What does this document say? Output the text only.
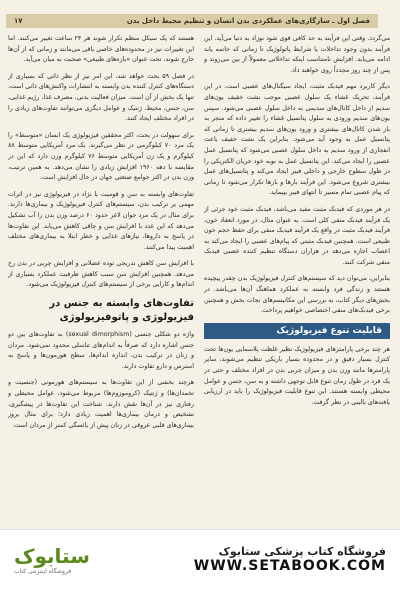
فصل اول ـ سازگاری‌های عملکردی بدن انسان و تنظیم محیط داخل بدن
۱۷

می‌گردد. وقتی این فرآیند به حد کافی قوی شود نوزاد به دنیا می‌آید. این فرآیند بدون وجود تداخلات یا شرایط پاتولوژیک تا زمانی که خاتمه یابد ادامه می‌یابد. افزایش نامتناسب اینکه تداخلاتی معمولاً از بین می‌روند و پس از چند روز مجدداً روی خواهند داد.

دیگر کاربرد مهم فیدبک مثبت، ایجاد سیگنال‌های عصبی است. در این فرآیند، تحریک غشاء یک سلول عصبی موجب نشت خفیف یون‌های سدیم از داخل کانال‌های سدیمی به داخل سلول عصبی می‌شود. سپس یون‌های سدیم ورودی به سلول پتانسیل غشاء را تغییر داده که منجر به باز شدن کانال‌های بیشتری و ورود یون‌های سدیم بیشتری تا زمانی که پتانسیل عمل به وجود آید می‌شود. بنابراین یک نشت خفیف باعث انفجاری از ورود سدیم به داخل سلول عصبی می‌شود که پتانسیل عمل عصبی را ایجاد می‌کند. این پتانسیل عمل به نوبه خود جریان الکتریکی را در طول سطوح خارجی و داخلی فیبر ایجاد می‌کند و پتانسیل‌های عمل بیشتری شروع می‌شود. این فرآیند بارها و بارها تکرار می‌شود تا زمانی که پیام عصبی تمام مسیر تا انتهای فیبر بپیماید.

در هر موردی که فیدبک مثبت مفید می‌باشد، فیدبک مثبت خود جزئی از یک فرآیند فیدبک منفی کلی است. به عنوان مثال، در مورد انعقاد خون، فرآیند فیدبک مثبت در واقع یک فرآیند فیدبک منفی برای حفظ حجم خون طبیعی است. همچنین فیدبک مثبتی که پیام‌های عصبی را ایجاد می‌کند به اعصاب اجازه می‌دهد در هزاران دستگاه تنظیم کننده عصبی فیدبک منفی شرکت کنند.

بنابراین، می‌توان دید که سیستم‌های کنترل فیزیولوژیک بدن چقدر پیچیده هستند و زندگی فرد وابسته به عملکرد هماهنگ آن‌ها می‌باشد. در بخش‌های دیگر کتاب، به بررسی این مکانیسم‌های نجات بخش و همچنین برخی فیدبک‌های منفی اختصاصی خواهیم پرداخت.

قابلیت تنوع فیزیولوژیک

هر چند برخی پارامترهای فیزیولوژیک نظیر غلظت پلاسمایی یون‌ها تحت کنترل بسیار دقیق و در محدوده بسیار باریکی تنظیم می‌شوند، سایر پارامترها مانند وزن بدن و میزان چربی بدن در افراد مختلف و حتی در یک فرد در طول زمان تنوع قابل توجهی داشته و به سن، جنس و عوامل محیطی وابسته هستند. این تنوع قابلیت فیزیولوژیک را باید در ارزیابی یافته‌های بالینی در نظر گرفت.

هستند که یک سیکل منظم تکرار شوند هر ۲۴ ساعت تغییر می‌کنند. اما این تغییرات نیز در محدوده‌های خاصی باقی می‌مانند و زمانی که از آن‌ها خارج شوند، تحت عنوان «بازه‌های طبیعی» صحبت به میان می‌آید.

در فصل ۵۹ بحث خواهد شد، این امر نیز از نظر ذاتی که بسیاری از دستگاه‌های کنترل کننده بدن وابسته به انتشارات واکنش‌های ذاتی است، تنها یک بخش از آن است. میزان فعالیت بدنی، مصرف غذا، رژیم غذایی، سن، جنس، محیط، ژنتیک و عوامل دیگری می‌توانند تفاوت‌های زیادی را در افراد مختلف ایجاد کنند.

برای سهولت در بحث، اکثر محققین فیزیولوژی یک انسان «متوسط» را یک مرد ۷۰ کیلوگرمی در نظر می‌گیرند. یک مرد آمریکایی متوسط ۸۸ کیلوگرم و یک زن آمریکایی متوسط ۷۶ کیلوگرم وزن دارد که این در مقایسه با دهه ۱۹۶۰ افزایش زیادی را نشان می‌دهد. به همین ترتیب، وزن بدن در اکثر جوامع صنعتی جهان در حال افزایش است.

تفاوت‌های وابسته به سن و قومیت یا نژاد در فیزیولوژی نیز در اثرات مهمی بر ترکیب بدن، سیستم‌های کنترل فیزیولوژیک و بیماری‌ها دارند. برای مثال در یک مرد جوان لاغر حدود ۶۰ درصد وزن بدن را آب تشکیل می‌دهد که این عدد با افزایش سن و چاقی کاهش می‌یابد. این تفاوت‌ها در پاسخ به داروها، نیازهای غذایی و خطر ابتلا به بیماری‌های مختلف اهمیت پیدا می‌کنند.

با افزایش سن کاهش تدریجی توده عضلانی و افزایش چربی در بدن رخ می‌دهد. همچنین افزایش سن سبب کاهش ظرفیت عملکرد بسیاری از اندام‌ها و کارایی برخی از سیستم‌های کنترل فیزیولوژیک می‌شود.

تفاوت‌های وابسته به جنس در فیزیولوژی و پاتوفیزیولوژی

واژه دو شکلی جنسی (sexual dimorphism) به تفاوت‌های بین دو جنس اشاره دارد که صرفاً به اندام‌های تناسلی محدود نمی‌شود. مردان و زنان در ترکیب بدن، اندازه اندام‌ها، سطح هورمون‌ها و پاسخ به استرس و دارو تفاوت دارند.

هرچند بخشی از این تفاوت‌ها به سیستم‌های هورمونی (جنسیت و تخمدان‌ها) و ژنتیک (کروموزوم‌ها) مربوط می‌شود، عوامل محیطی و رفتاری نیز در آن‌ها نقش دارند. شناخت این تفاوت‌ها در پیشگیری، تشخیص و درمان بیماری‌ها اهمیت زیادی دارد؛ برای مثال بروز بیماری‌های قلبی عروقی در زنان پیش از یائسگی کمتر از مردان است.

ستابوک
فروشگاه اینترنتی کتاب
فروشگاه کتاب پزشکی ستابوک
WWW.SETABOOK.COM
